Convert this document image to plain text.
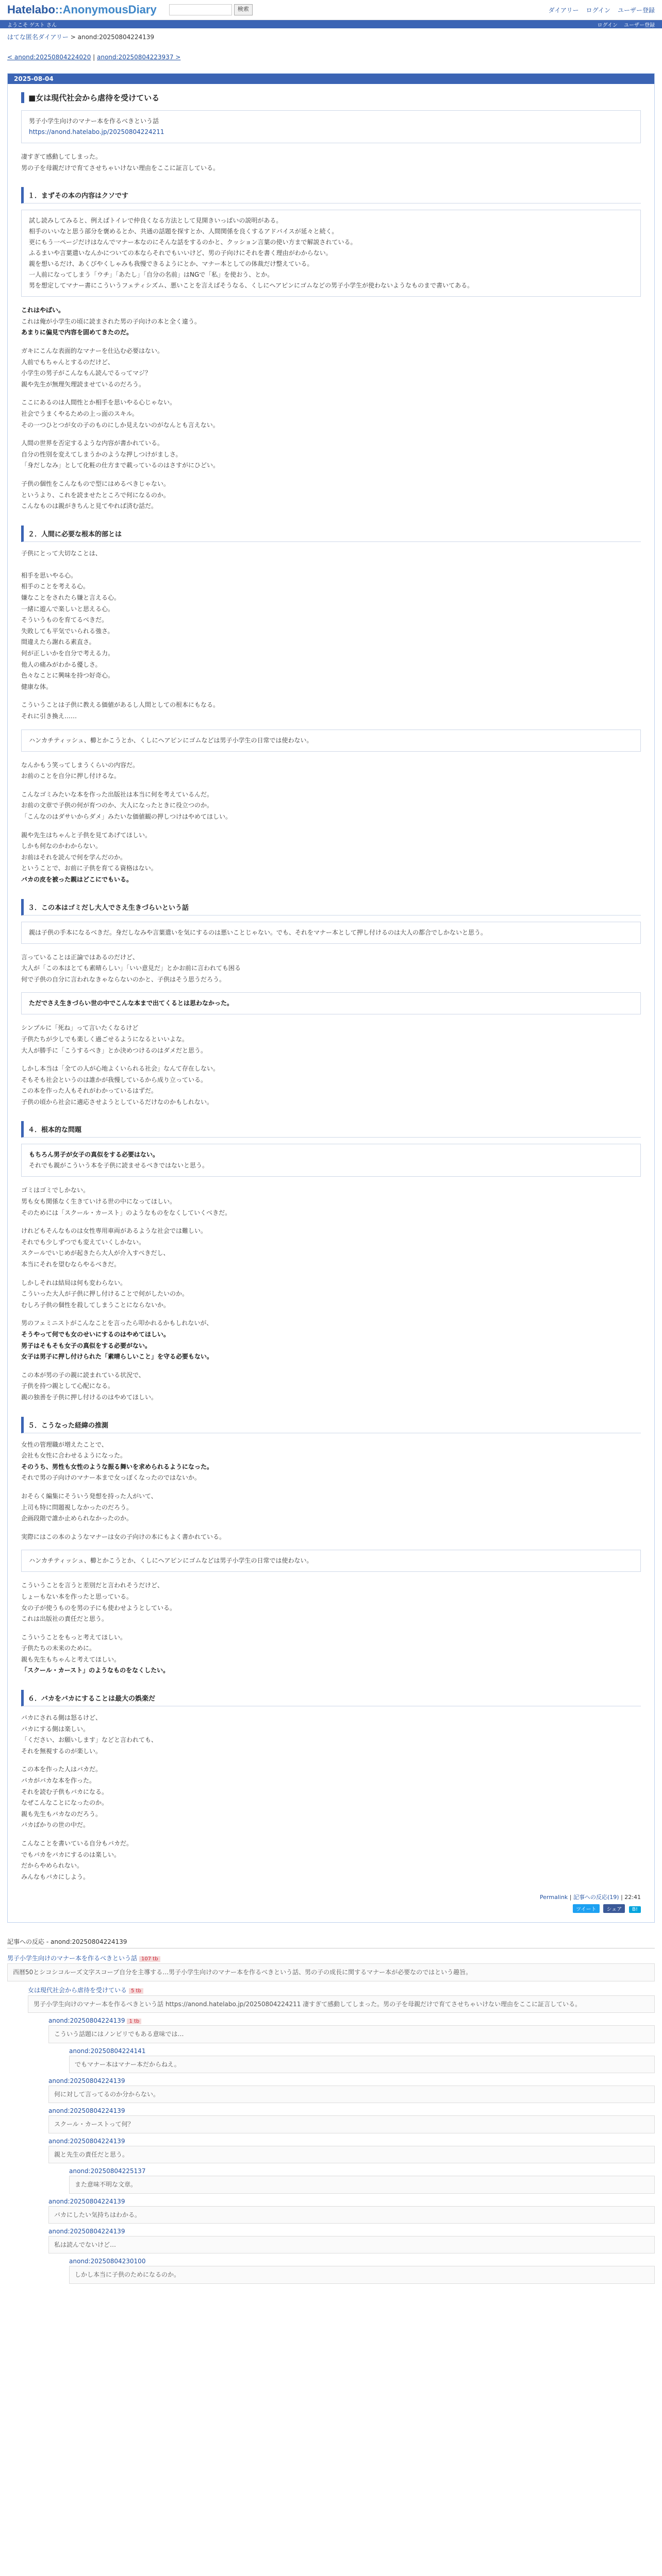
Hatelabo::AnonymousDiary	検索	ダイアリー ログイン ユーザー登録
ようこそ ゲスト さん	ログイン ユーザー登録
はてな匿名ダイアリー > anond:20250804224139
< anond:20250804224020 | anond:20250804223937 >
2025-08-04
■女は現代社会から虐待を受けている
男子小学生向けのマナー本を作るべきという話
https://anond.hatelabo.jp/20250804224211

凄すぎて感動してしまった。
男の子を母親だけで育てさせちゃいけない理由をここに証言している。

１．まずその本の内容はクソです
試し読みしてみると、例えばトイレで仲良くなる方法として見開きいっぱいの説明がある。
相手のいいなと思う部分を褒めるとか、共通の話題を探すとか、人間関係を良くするアドバイスが延々と続く。
更にもう一ページだけはなんでマナー本なのにそんな話をするのかと、クッション言葉の使い方まで解説されている。
ふるまいや言葉遣いなんかについての本ならそれでもいいけど、男の子向けにそれを書く理由がわからない。
親を想いるだけ、あくびやくしゃみも我慢できるようにとか、マナー本としての体裁だけ整えている。
一人前になってしまう「ウチ」「あたし」「自分の名前」はNGで「私」を使おう、とか。
男を想定してマナー書にこういうフェティシズム、悪いことを言えばそうなる、くしにヘアピンにゴムなどの男子小学生が使わないようなものまで書いてある。

これはやばい。
これは俺が小学生の頃に読まされた男の子向けの本と全く違う。
あまりに偏見で内容を固めてきたのだ。

ガキにこんな表面的なマナーを仕込む必要はない。
人前でもちゃんとするのだけど、
小学生の男子がこんなもん読んでるってマジ？
親や先生が無理矢理読ませているのだろう。

ここにあるのは人間性とか相手を思いやる心じゃない。
社会でうまくやるための上っ面のスキル。
その一つひとつが女の子のものにしか見えないのがなんとも言えない。

人間の世界を否定するような内容が書かれている。
自分の性別を変えてしまうかのような押しつけがましさ。
「身だしなみ」として化粧の仕方まで載っているのはさすがにひどい。

子供の個性をこんなもので型にはめるべきじゃない。
というより、これを読ませたところで何になるのか。
こんなものは親がきちんと見てやれば済む話だ。

２．人間に必要な根本的部とは

子供にとって大切なことは、

相手を思いやる心。
相手のことを考える心。
嫌なことをされたら嫌と言える心。
一緒に遊んで楽しいと思える心。
そういうものを育てるべきだ。
失敗しても平気でいられる強さ。
間違えたら謝れる素直さ。
何が正しいかを自分で考える力。
他人の痛みがわかる優しさ。
色々なことに興味を持つ好奇心。
健康な体。

こういうことは子供に教える価値があるし人間としての根本にもなる。
それに引き換え……

ハンカチティッシュ、櫛とかこうとか、くしにヘアピンにゴムなどは男子小学生の日常では使わない。

なんかもう笑ってしまうくらいの内容だ。
お前のことを自分に押し付けるな。

こんなゴミみたいな本を作った出版社は本当に何を考えているんだ。
お前の文章で子供の何が育つのか、大人になったときに役立つのか。
「こんなのはダサいからダメ」みたいな価値観の押しつけはやめてほしい。

親や先生はちゃんと子供を見てあげてほしい。
しかも何なのかわからない。
お前はそれを読んで何を学んだのか。
ということで、お前に子供を育てる資格はない。
バカの皮を被った親はどこにでもいる。

３．この本はゴミだし大人でさえ生きづらいという話
親は子供の手本になるべきだ。身だしなみや言葉遣いを気にするのは悪いことじゃない。でも、それをマナー本として押し付けるのは大人の都合でしかないと思う。

言っていることは正論ではあるのだけど、
大人が「この本はとても素晴らしい」「いい意見だ」とかお前に言われても困る
何で子供の自分に言われなきゃならないのかと、子供はそう思うだろう。

ただでさえ生きづらい世の中でこんな本まで出てくるとは思わなかった。

シンプルに「死ね」って言いたくなるけど
子供たちが少しでも楽しく過ごせるようになるといいよな。
大人が勝手に「こうするべき」とか決めつけるのはダメだと思う。

しかし本当は「全ての人が心地よくいられる社会」なんて存在しない。
そもそも社会というのは誰かが我慢しているから成り立っている。
この本を作った人もそれがわかっているはずだ。
子供の頃から社会に適応させようとしているだけなのかもしれない。

４．根本的な問題
もちろん男子が女子の真似をする必要はない。
それでも親がこういう本を子供に読ませるべきではないと思う。

ゴミはゴミでしかない。
男も女も関係なく生きていける世の中になってほしい。
そのためには「スクール・カースト」のようなものをなくしていくべきだ。

けれどもそんなものは女性専用車両があるような社会では難しい。
それでも少しずつでも変えていくしかない。
スクールでいじめが起きたら大人が介入すべきだし、
本当にそれを望むならやるべきだ。

しかしそれは結局は何も変わらない。
こういった大人が子供に押し付けることで何がしたいのか。
むしろ子供の個性を殺してしまうことにならないか。

男のフェミニストがこんなことを言ったら叩かれるかもしれないが、
そうやって何でも女のせいにするのはやめてほしい。
男子はそもそも女子の真似をする必要がない。
女子は男子に押し付けられた「素晴らしいこと」を守る必要もない。

この本が男の子の親に読まれている状況で、
子供を持つ親として心配になる。
親の独善を子供に押し付けるのはやめてほしい。

５．こうなった経緯の推測

女性の管理職が増えたことで、
会社も女性に合わせるようになった。
そのうち、男性も女性のような振る舞いを求められるようになった。
それで男の子向けのマナー本まで女っぽくなったのではないか。

おそらく編集にそういう発想を持った人がいて、
上司も特に問題視しなかったのだろう。
企画段階で誰か止められなかったのか。

実際にはこの本のようなマナーは女の子向けの本にもよく書かれている。

ハンカチティッシュ、櫛とかこうとか、くしにヘアピンにゴムなどは男子小学生の日常では使わない。

こういうことを言うと差別だと言われそうだけど、
しょーもない本を作ったと思っている。
女の子が使うものを男の子にも使わせようとしている。
これは出版社の責任だと思う。

こういうことをもっと考えてほしい。
子供たちの未来のために。
親も先生もちゃんと考えてほしい。
「スクール・カースト」のようなものをなくしたい。

６．バカをバカにすることは最大の娯楽だ

バカにされる側は怒るけど、
バカにする側は楽しい。
「ください、お願いします」などと言われても、
それを無視するのが楽しい。

この本を作った人はバカだ。
バカがバカな本を作った。
それを読む子供もバカになる。
なぜこんなことになったのか。
親も先生もバカなのだろう。
バカばかりの世の中だ。

こんなことを書いている自分もバカだ。
でもバカをバカにするのは楽しい。
だからやめられない。
みんなもバカにしよう。

Permalink | 記事への反応(19) | 22:41
ツイート シェア B!
記事への反応 - anond:20250804224139
男子小学生向けのマナー本を作るべきという話 107 tb
西暦50とシコシコルーズ文字スコープ自分を主導する…男子小学生向けのマナー本を作るべきという話、男の子の成長に関するマナー本が必要なのではという趣旨。
女は現代社会から虐待を受けている 5 tb
男子小学生向けのマナー本を作るべきという話 https://anond.hatelabo.jp/20250804224211 凄すぎて感動してしまった。男の子を母親だけで育てさせちゃいけない理由をここに証言している。
anond:20250804224139 1 tb
こういう話題にはノンビリでもある意味では…
anond:20250804224141
でもマナー本はマナー本だからねえ。
anond:20250804224139
何に対して言ってるのか分からない。
anond:20250804224139
スクール・カーストって何？
anond:20250804224139
親と先生の責任だと思う。
anond:20250804225137
また意味不明な文章。
anond:20250804224139
バカにしたい気持ちはわかる。
anond:20250804224139
私は読んでないけど…
anond:20250804230100
しかし本当に子供のためになるのか。
